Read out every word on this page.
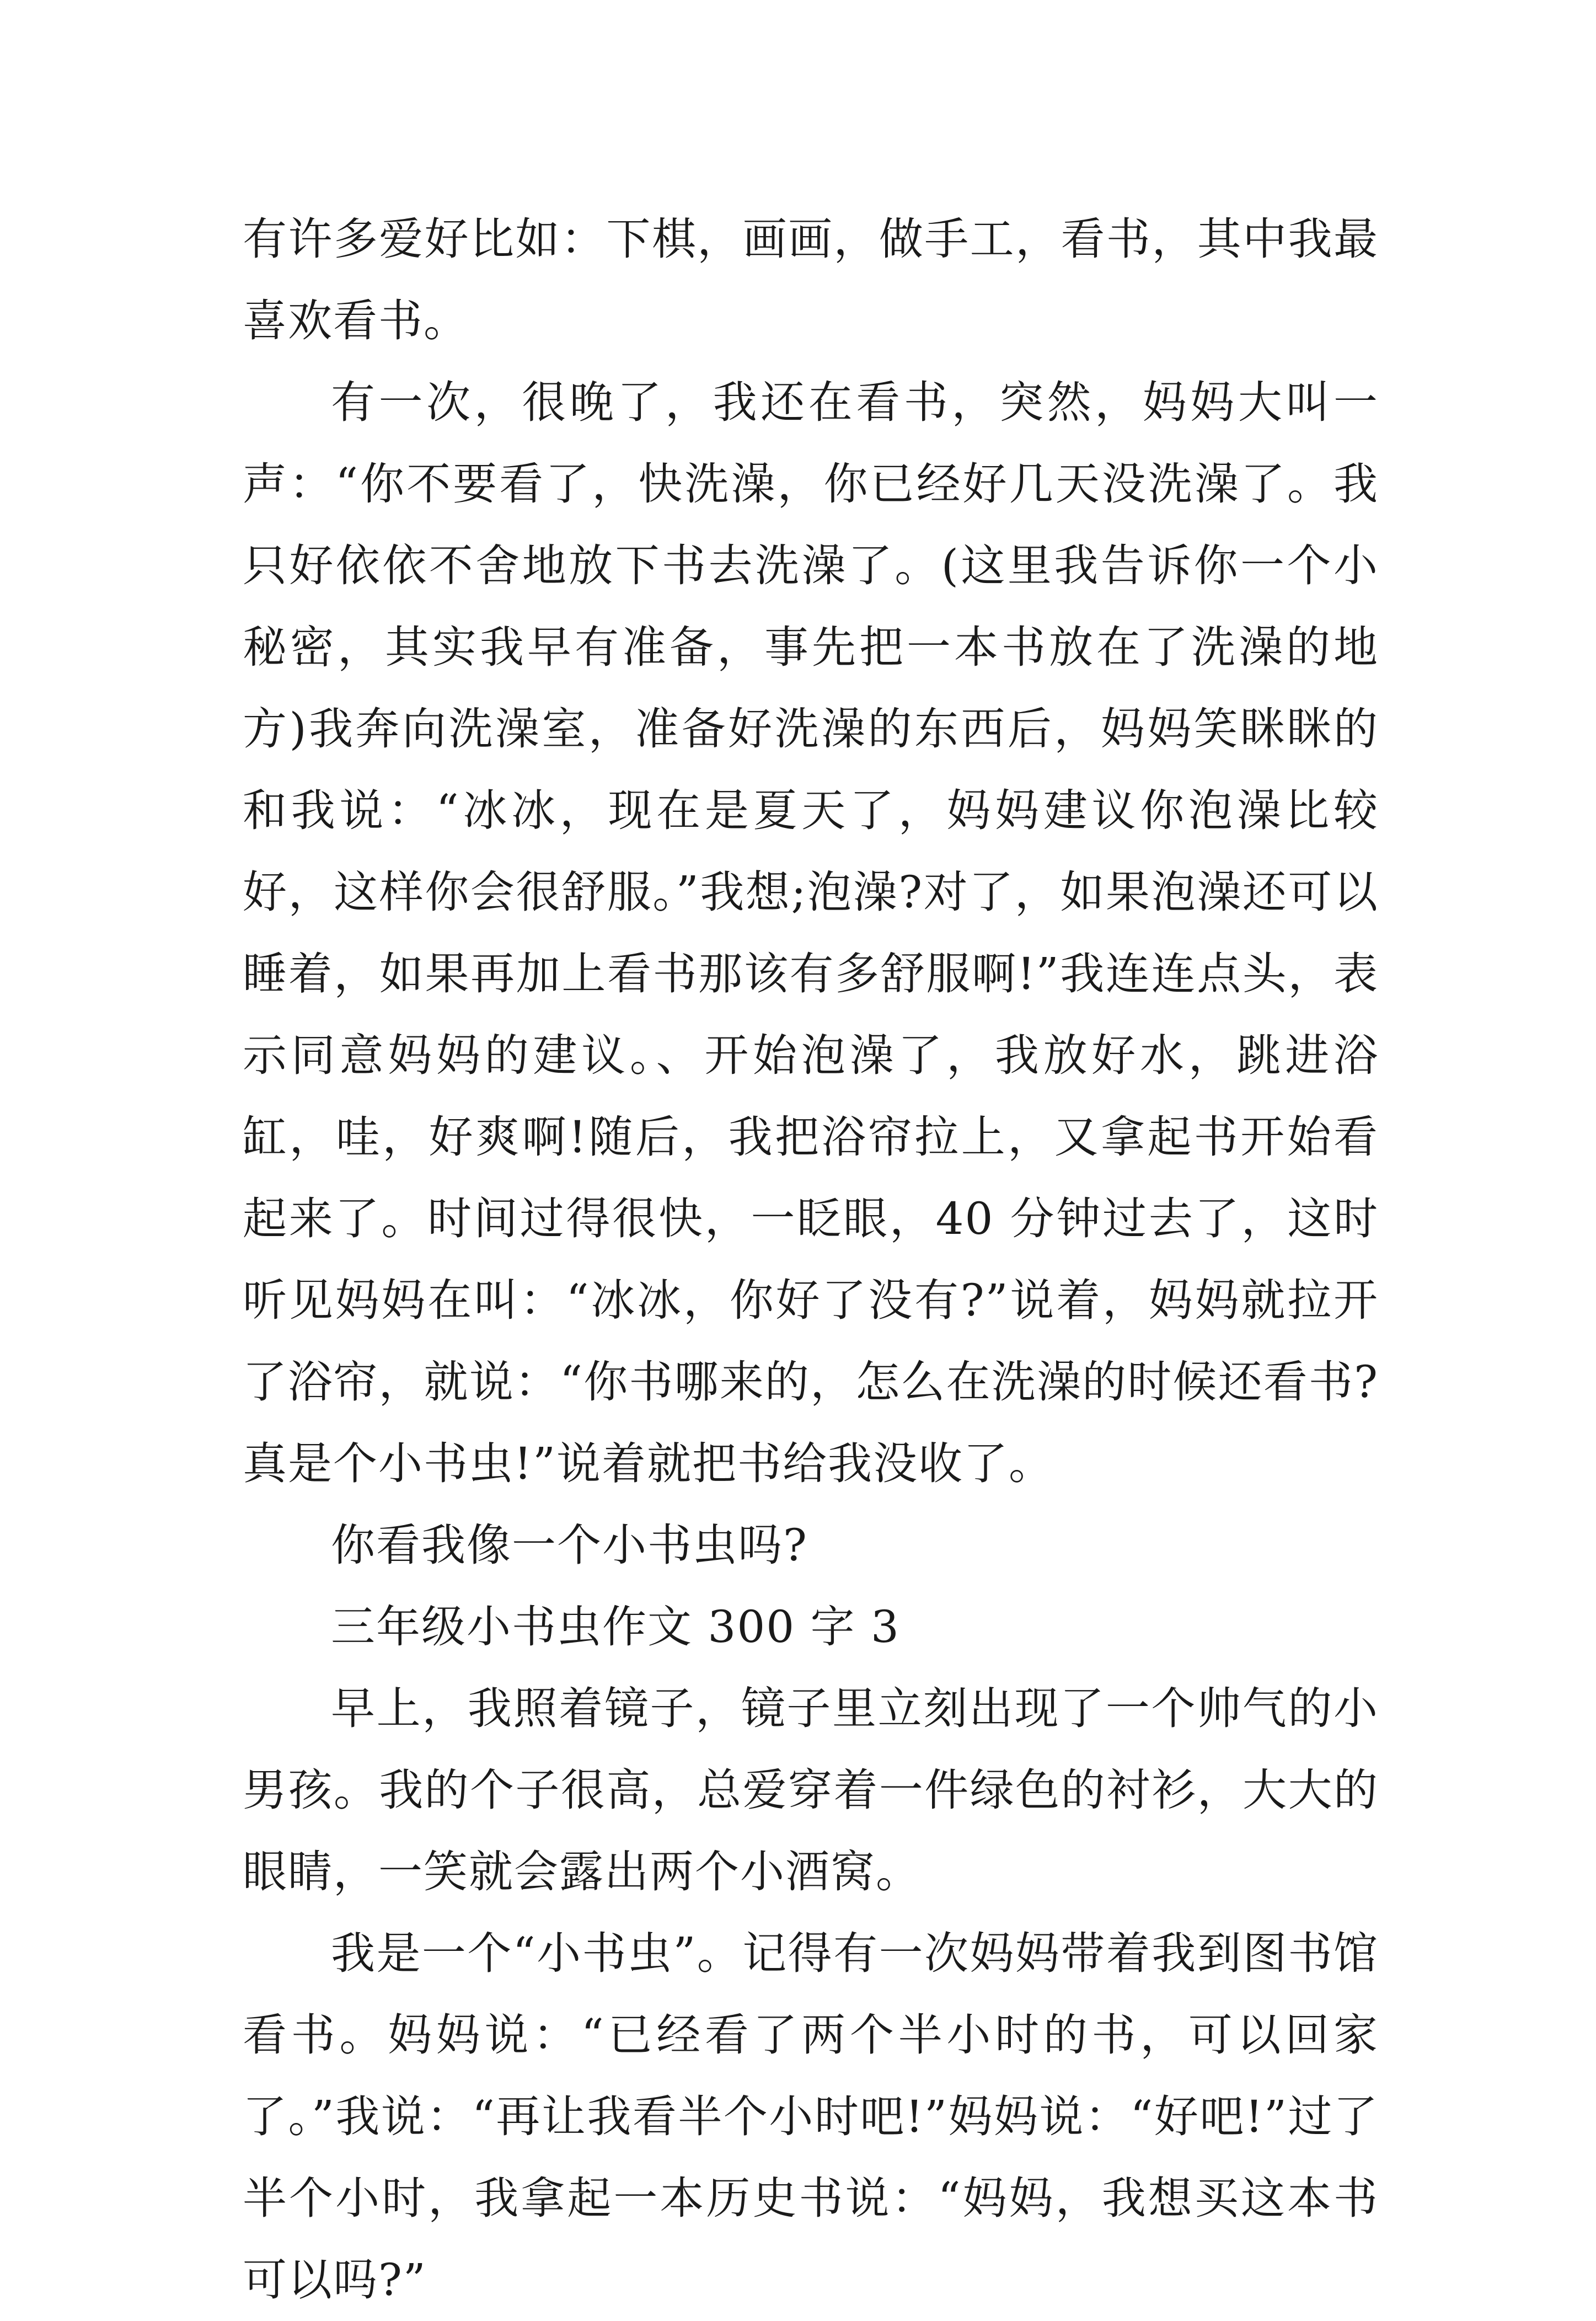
有许多爱好比如：下棋，画画，做手工，看书，其中我最喜欢看书。

有一次，很晚了，我还在看书，突然，妈妈大叫一声：“你不要看了，快洗澡，你已经好几天没洗澡了。我只好依依不舍地放下书去洗澡了。(这里我告诉你一个小秘密，其实我早有准备，事先把一本书放在了洗澡的地方)我奔向洗澡室，准备好洗澡的东西后，妈妈笑眯眯的和我说：“冰冰，现在是夏天了，妈妈建议你泡澡比较好，这样你会很舒服。”我想;泡澡?对了，如果泡澡还可以睡着，如果再加上看书那该有多舒服啊!”我连连点头，表示同意妈妈的建议。、开始泡澡了，我放好水，跳进浴缸，哇，好爽啊!随后，我把浴帘拉上，又拿起书开始看起来了。时间过得很快，一眨眼，40 分钟过去了，这时听见妈妈在叫：“冰冰，你好了没有?”说着，妈妈就拉开了浴帘，就说：“你书哪来的，怎么在洗澡的时候还看书?真是个小书虫!”说着就把书给我没收了。

你看我像一个小书虫吗?

三年级小书虫作文 300 字 3

早上，我照着镜子，镜子里立刻出现了一个帅气的小男孩。我的个子很高，总爱穿着一件绿色的衬衫，大大的眼睛，一笑就会露出两个小酒窝。

我是一个“小书虫”。记得有一次妈妈带着我到图书馆看书。妈妈说：“已经看了两个半小时的书，可以回家了。”我说：“再让我看半个小时吧!”妈妈说：“好吧!”过了半个小时，我拿起一本历史书说：“妈妈，我想买这本书可以吗?”
